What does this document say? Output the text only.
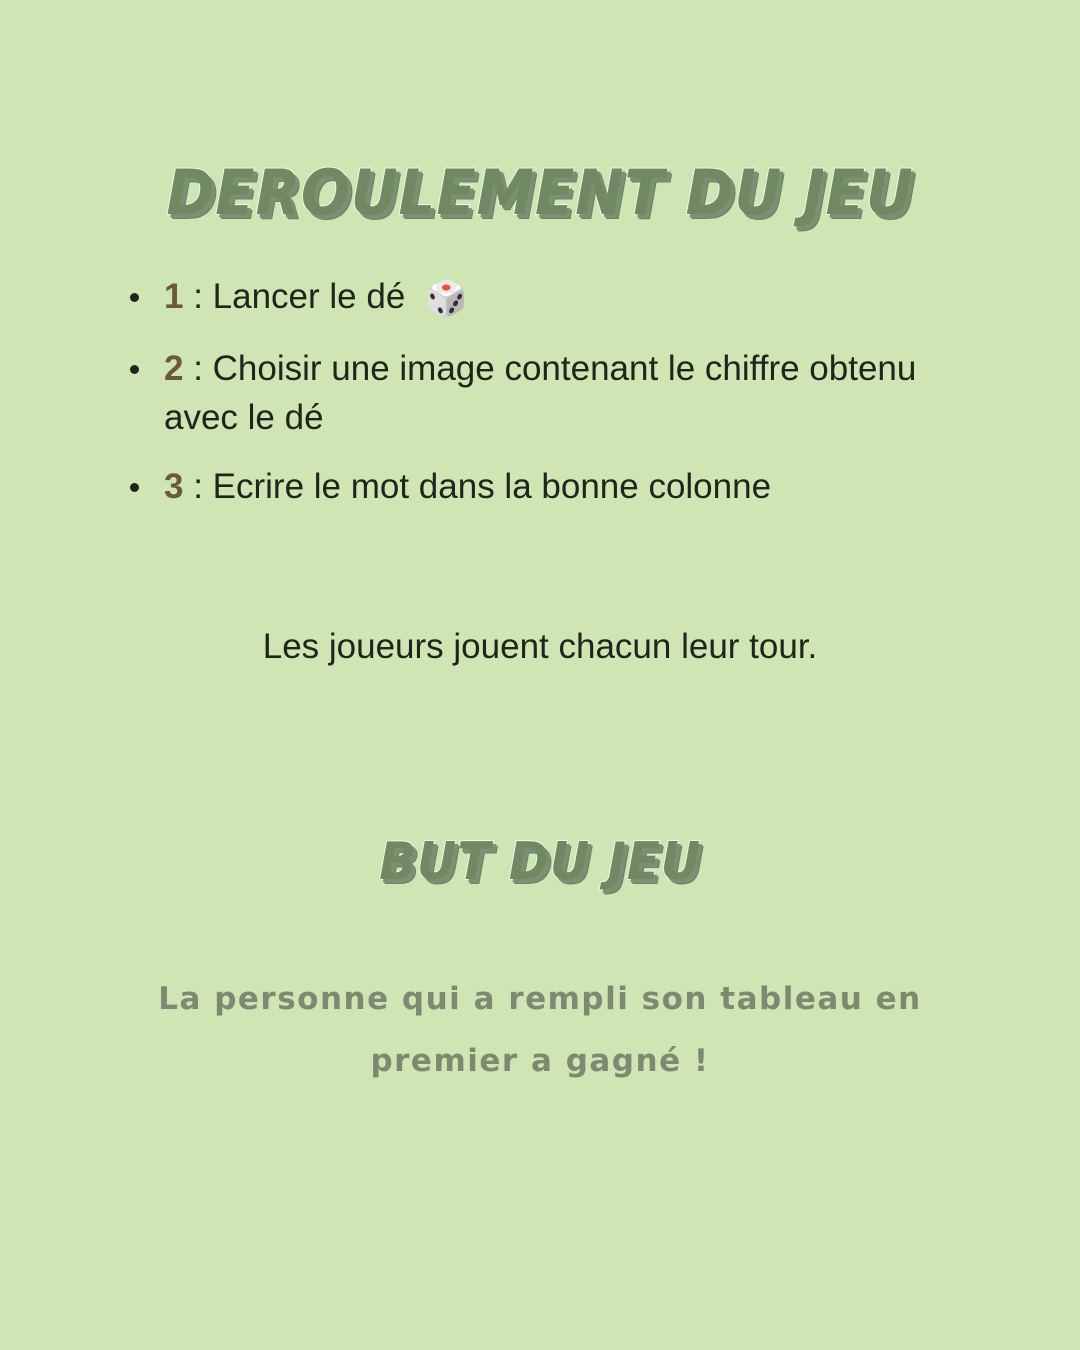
DEROULEMENT DU JEU
1 : Lancer le dé 🎲
2 : Choisir une image contenant le chiffre obtenu avec le dé
3 : Ecrire le mot dans la bonne colonne
Les joueurs jouent chacun leur tour.
BUT DU JEU
La personne qui a rempli son tableau en premier a gagné !
